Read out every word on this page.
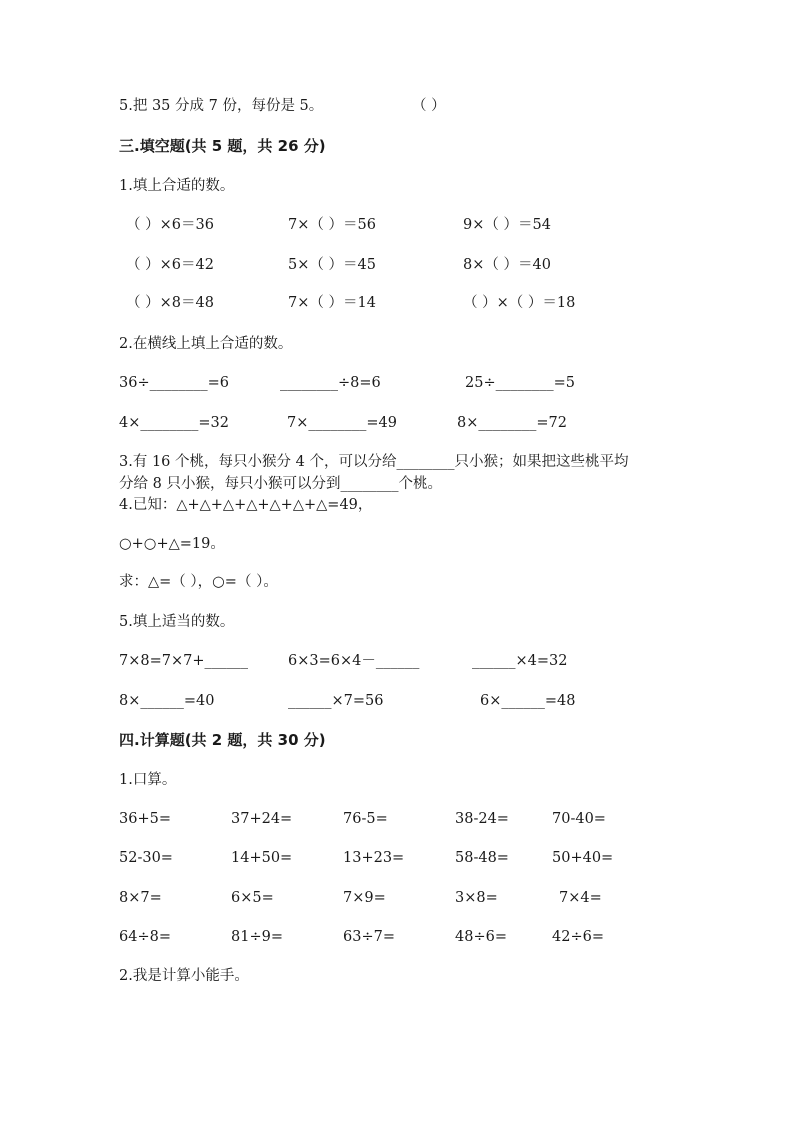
5.把 35 分成 7 份，每份是 5。	（ ）
三.填空题(共 5 题，共 26 分)
1.填上合适的数。
（ ）×6＝36	7×（ ）＝56	9×（ ）＝54
（ ）×6＝42	5×（ ）＝45	8×（ ）＝40
（ ）×8＝48	7×（ ）＝14	（ ）×（ ）＝18
2.在横线上填上合适的数。
36÷________=6	________÷8=6	25÷________=5
4×________=32	7×________=49	8×________=72
3.有 16 个桃，每只小猴分 4 个，可以分给________只小猴；如果把这些桃平均
分给 8 只小猴，每只小猴可以分到________个桃。
4.已知：△+△+△+△+△+△+△=49，
○+○+△=19。
求：△=（ ），○=（ ）。
5.填上适当的数。
7×8=7×7+______	6×3=6×4－______	______×4=32
8×______=40	______×7=56	6×______=48
四.计算题(共 2 题，共 30 分)
1.口算。
36+5=	37+24=	76-5=	38-24=	70-40=
52-30=	14+50=	13+23=	58-48=	50+40=
8×7=	6×5=	7×9=	3×8=	7×4=
64÷8=	81÷9=	63÷7=	48÷6=	42÷6=
2.我是计算小能手。
